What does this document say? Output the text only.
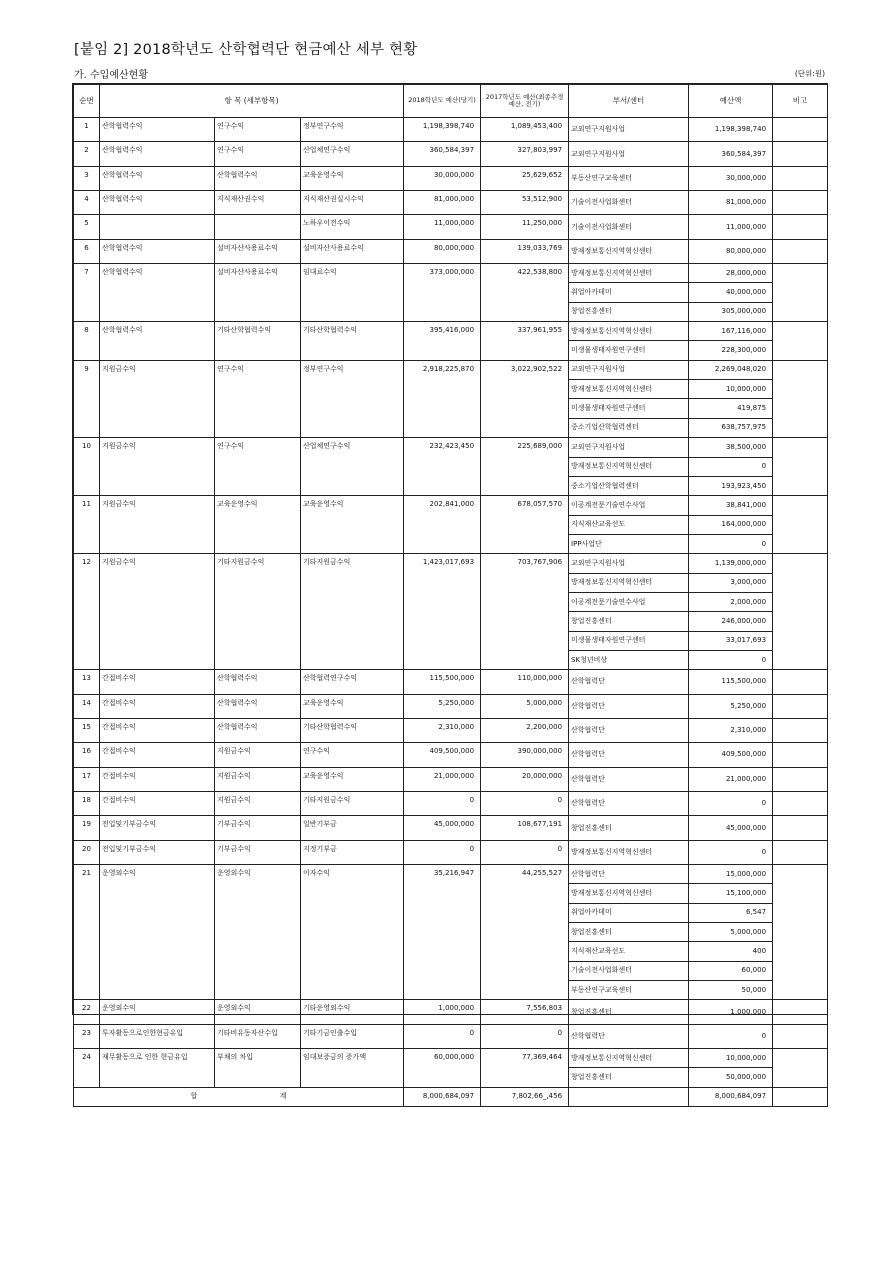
[붙임 2] 2018학년도 산학협력단 현금예산 세부 현황
가. 수입예산현황	(단위:원)
순번	항 목 (세부항목)			2018학년도 예산(당기)	2017학년도 예산(최종추경예산, 전기)	부서/센터	예산액	비고
1	산학협력수익	연구수익	정부연구수익	1,198,398,740	1,089,453,400	교외연구지원사업	1,198,398,740	
2	산학협력수익	연구수익	산업체연구수익	360,584,397	327,803,997	교외연구지원사업	360,584,397	
3	산학협력수익	산학협력수익	교육운영수익	30,000,000	25,629,652	부동산연구교육센터	30,000,000	
4	산학협력수익	지식재산권수익	지식재산권실시수익	81,000,000	53,512,900	기술이전사업화센터	81,000,000	
5			노하우이전수익	11,000,000	11,250,000	기술이전사업화센터	11,000,000	
6	산학협력수익	설비자산사용료수익	설비자산사용료수익	80,000,000	139,033,769	방재정보통신지역혁신센터	80,000,000	
7	산학협력수익	설비자산사용료수익	임대료수익	373,000,000	422,538,800	방재정보통신지역혁신센터	28,000,000	
						취업아카데미	40,000,000	
						창업진흥센터	305,000,000	
8	산학협력수익	기타산학협력수익	기타산학협력수익	395,416,000	337,961,955	방재정보통신지역혁신센터	167,116,000	
						미생물생태자원연구센터	228,300,000	
9	지원금수익	연구수익	정부연구수익	2,918,225,870	3,022,902,522	교외연구지원사업	2,269,048,020	
						방재정보통신지역혁신센터	10,000,000	
						미생물생태자원연구센터	419,875	
						중소기업산학협력센터	638,757,975	
10	지원금수익	연구수익	산업체연구수익	232,423,450	225,689,000	교외연구지원사업	38,500,000	
						방재정보통신지역혁신센터	0	
						중소기업산학협력센터	193,923,450	
11	지원금수익	교육운영수익	교육운영수익	202,841,000	678,057,570	이공계전문기술연수사업	38,841,000	
						지식재산교육선도	164,000,000	
						IPP사업단	0	
12	지원금수익	기타지원금수익	기타지원금수익	1,423,017,693	703,767,906	교외연구지원사업	1,139,000,000	
						방재정보통신지역혁신센터	3,000,000	
						이공계전문기술연수사업	2,000,000	
						창업진흥센터	246,000,000	
						미생물생태자원연구센터	33,017,693	
						SK청년비상	0	
13	간접비수익	산학협력수익	산학협력연구수익	115,500,000	110,000,000	산학협력단	115,500,000	
14	간접비수익	산학협력수익	교육운영수익	5,250,000	5,000,000	산학협력단	5,250,000	
15	간접비수익	산학협력수익	기타산학협력수익	2,310,000	2,200,000	산학협력단	2,310,000	
16	간접비수익	지원금수익	연구수익	409,500,000	390,000,000	산학협력단	409,500,000	
17	간접비수익	지원금수익	교육운영수익	21,000,000	20,000,000	산학협력단	21,000,000	
18	간접비수익	지원금수익	기타지원금수익	0	0	산학협력단	0	
19	전입및기부금수익	기부금수익	일반기부금	45,000,000	108,677,191	창업진흥센터	45,000,000	
20	전입및기부금수익	기부금수익	지정기부금	0	0	방재정보통신지역혁신센터	0	
21	운영외수익	운영외수익	이자수익	35,216,947	44,255,527	산학협력단	15,000,000	
						방재정보통신지역혁신센터	15,100,000	
						취업아카데미	6,547	
						창업진흥센터	5,000,000	
						지식재산교육선도	400	
						기술이전사업화센터	60,000	
						부동산연구교육센터	50,000	
22	운영외수익	운영외수익	기타운영외수익	1,000,000	7,556,803	창업진흥센터	1,000,000	
23	투자활동으로인한현금유입	기타비유동자산수입	기타기금인출수입	0	0	산학협력단	0	
24	재무활동으로 인한 현금유입	부채의 차입	임대보증금의 증가액	60,000,000	77,369,464	방재정보통신지역혁신센터	10,000,000	
						창업진흥센터	50,000,000	
합 계				8,000,684,097	7,802,66_,456		8,000,684,097	
